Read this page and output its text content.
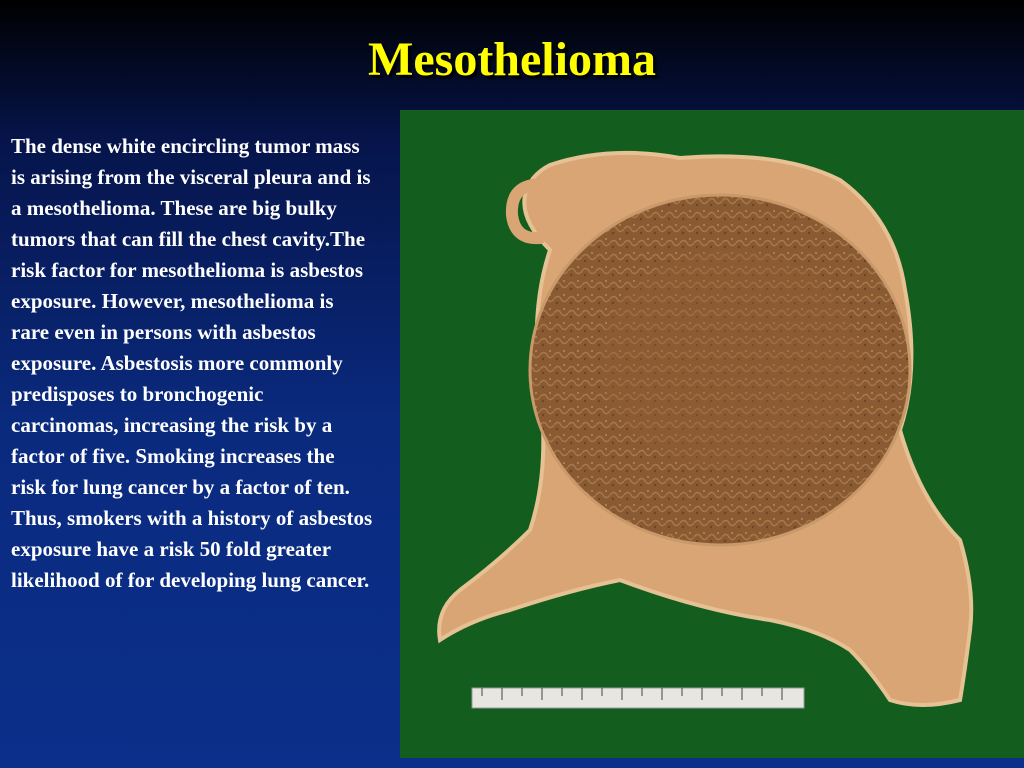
Mesothelioma
The dense white encircling tumor mass is arising from the visceral pleura and is a mesothelioma. These are big bulky tumors that can fill the chest cavity.The risk factor for mesothelioma is asbestos exposure. However, mesothelioma is rare even in persons with asbestos exposure. Asbestosis more commonly predisposes to bronchogenic carcinomas, increasing the risk by a factor of five. Smoking increases the risk for lung cancer by a factor of ten. Thus, smokers with a history of asbestos exposure have a risk 50 fold greater likelihood of for developing lung cancer.
